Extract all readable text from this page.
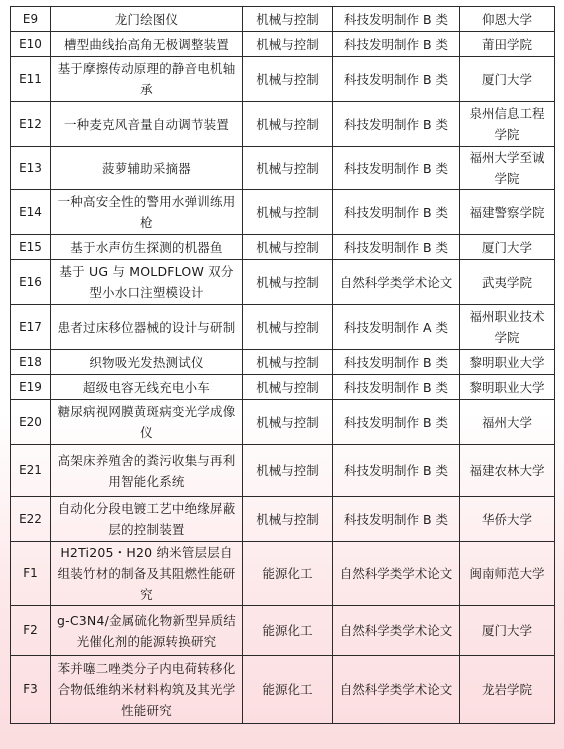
E9	龙门绘图仪	机械与控制	科技发明制作 B 类	仰恩大学
E10	槽型曲线抬高角无极调整装置	机械与控制	科技发明制作 B 类	莆田学院
E11	基于摩擦传动原理的静音电机轴承	机械与控制	科技发明制作 B 类	厦门大学
E12	一种麦克风音量自动调节装置	机械与控制	科技发明制作 B 类	泉州信息工程学院
E13	菠萝辅助采摘器	机械与控制	科技发明制作 B 类	福州大学至诚学院
E14	一种高安全性的警用水弹训练用枪	机械与控制	科技发明制作 B 类	福建警察学院
E15	基于水声仿生探测的机器鱼	机械与控制	科技发明制作 B 类	厦门大学
E16	基于 UG 与 MOLDFLOW 双分型小水口注塑模设计	机械与控制	自然科学类学术论文	武夷学院
E17	患者过床移位器械的设计与研制	机械与控制	科技发明制作 A 类	福州职业技术学院
E18	织物吸光发热测试仪	机械与控制	科技发明制作 B 类	黎明职业大学
E19	超级电容无线充电小车	机械与控制	科技发明制作 B 类	黎明职业大学
E20	糖尿病视网膜黄斑病变光学成像仪	机械与控制	科技发明制作 B 类	福州大学
E21	高架床养殖舍的粪污收集与再利用智能化系统	机械与控制	科技发明制作 B 类	福建农林大学
E22	自动化分段电镀工艺中绝缘屏蔽层的控制装置	机械与控制	科技发明制作 B 类	华侨大学
F1	H2Ti205・H20 纳米管层层自组装竹材的制备及其阻燃性能研究	能源化工	自然科学类学术论文	闽南师范大学
F2	g-C3N4/金属硫化物新型异质结光催化剂的能源转换研究	能源化工	自然科学类学术论文	厦门大学
F3	苯并噻二唑类分子内电荷转移化合物低维纳米材料构筑及其光学性能研究	能源化工	自然科学类学术论文	龙岩学院
